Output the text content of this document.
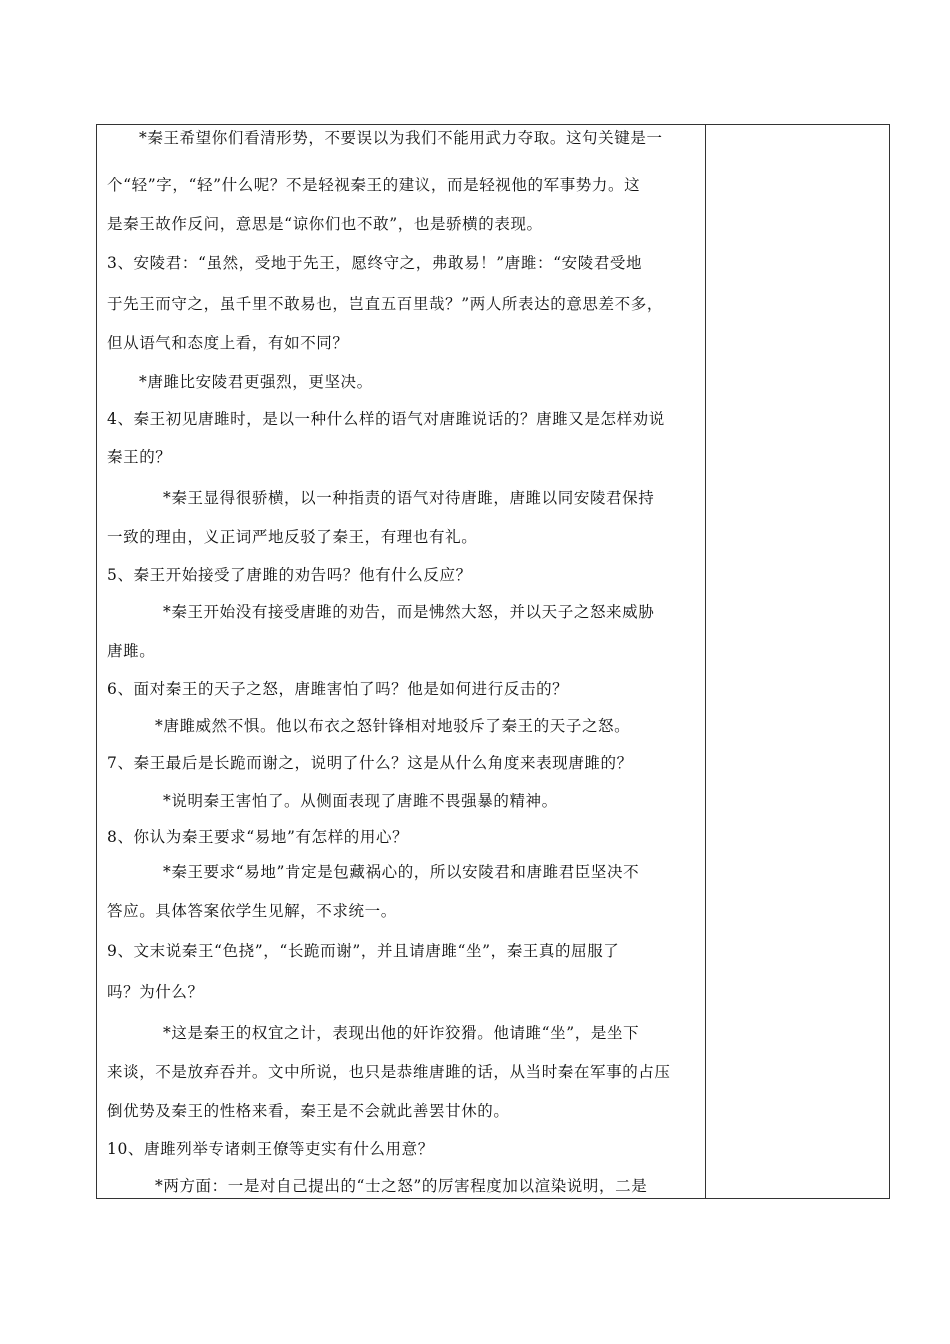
*秦王希望你们看清形势，不要误以为我们不能用武力夺取。这句关键是一
个“轻”字，“轻”什么呢？不是轻视秦王的建议，而是轻视他的军事势力。这
是秦王故作反问，意思是“谅你们也不敢”，也是骄横的表现。
3、安陵君：“虽然，受地于先王，愿终守之，弗敢易！”唐雎：“安陵君受地
于先王而守之，虽千里不敢易也，岂直五百里哉？”两人所表达的意思差不多，
但从语气和态度上看，有如不同？
*唐雎比安陵君更强烈，更坚决。
4、秦王初见唐雎时，是以一种什么样的语气对唐雎说话的？唐雎又是怎样劝说
秦王的？
*秦王显得很骄横，以一种指责的语气对待唐雎，唐雎以同安陵君保持
一致的理由，义正词严地反驳了秦王，有理也有礼。
5、秦王开始接受了唐雎的劝告吗？他有什么反应？
*秦王开始没有接受唐雎的劝告，而是怫然大怒，并以天子之怒来威胁
唐雎。
6、面对秦王的天子之怒，唐雎害怕了吗？他是如何进行反击的？
*唐雎威然不惧。他以布衣之怒针锋相对地驳斥了秦王的天子之怒。
7、秦王最后是长跪而谢之，说明了什么？这是从什么角度来表现唐雎的？
*说明秦王害怕了。从侧面表现了唐雎不畏强暴的精神。
8、你认为秦王要求“易地”有怎样的用心？
*秦王要求“易地”肯定是包藏祸心的，所以安陵君和唐雎君臣坚决不
答应。具体答案依学生见解，不求统一。
9、文末说秦王“色挠”，“长跪而谢”，并且请唐雎“坐”，秦王真的屈服了
吗？为什么？
*这是秦王的权宜之计，表现出他的奸诈狡猾。他请雎“坐”，是坐下
来谈，不是放弃吞并。文中所说，也只是恭维唐雎的话，从当时秦在军事的占压
倒优势及秦王的性格来看，秦王是不会就此善罢甘休的。
10、唐雎列举专诸刺王僚等吏实有什么用意？
*两方面：一是对自己提出的“士之怒”的厉害程度加以渲染说明，二是
